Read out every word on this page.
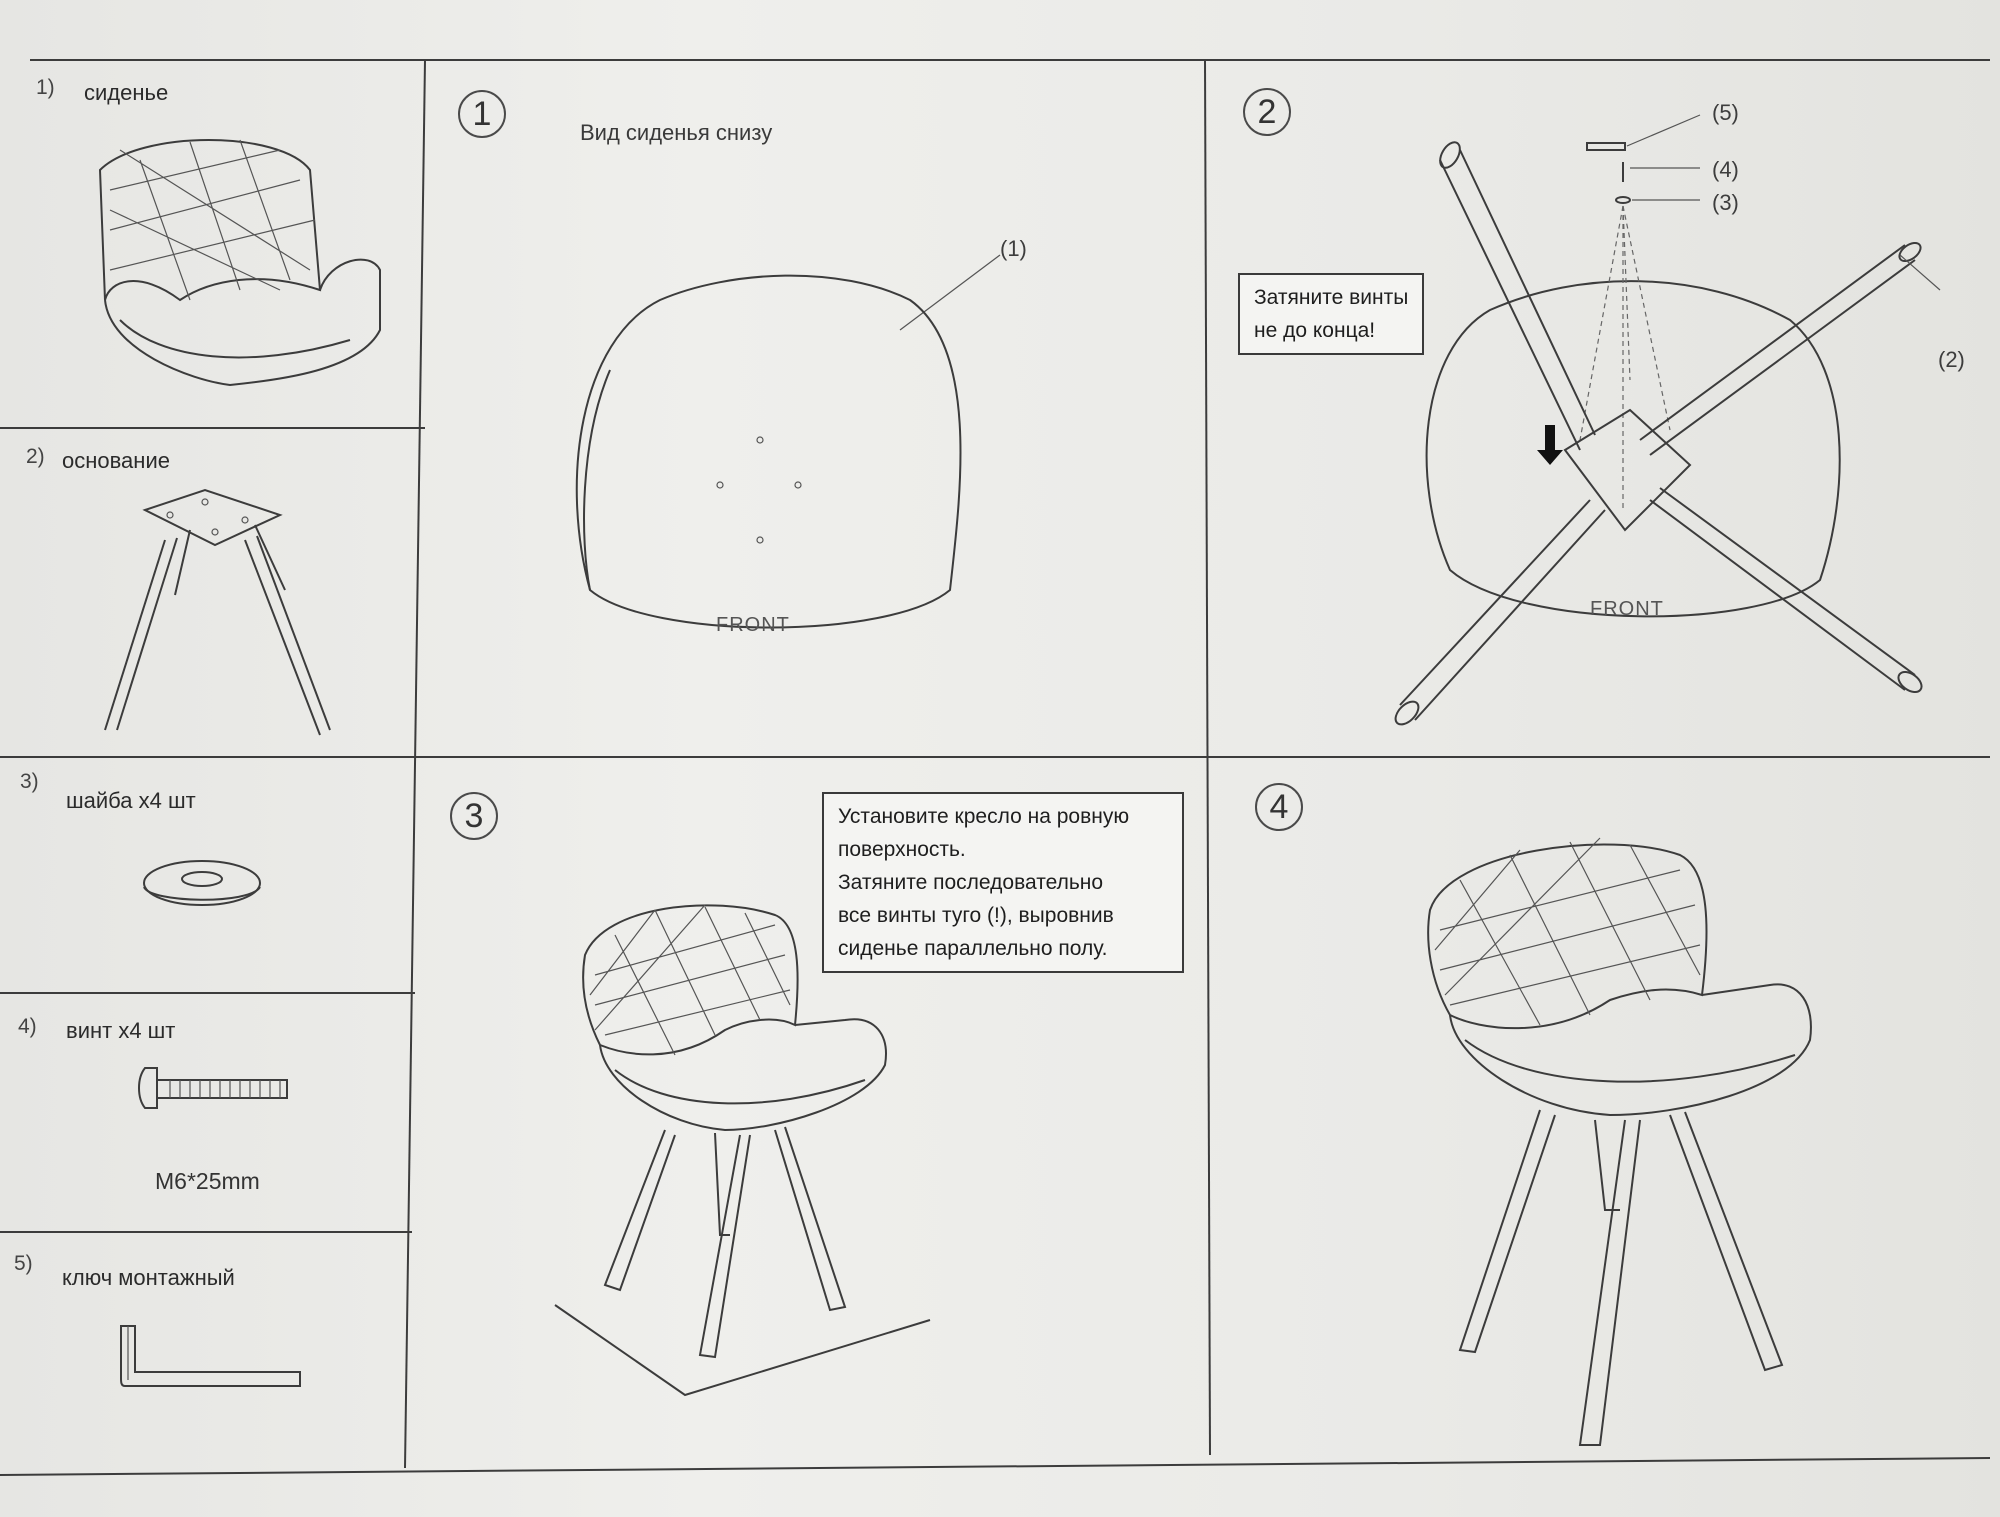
1) сиденье
2) основание
3)
шайба х4 шт
4) винт х4 шт
M6*25mm
5)
ключ монтажный
1	Вид сиденья снизу
(1)
FRONT
2
Затяните винты
не до конца!
(5)
(4)
(3)
(2)
FRONT
3	Установите кресло на ровную
поверхность.
Затяните последовательно
все винты туго (!), выровнив
сиденье параллельно полу.
4
